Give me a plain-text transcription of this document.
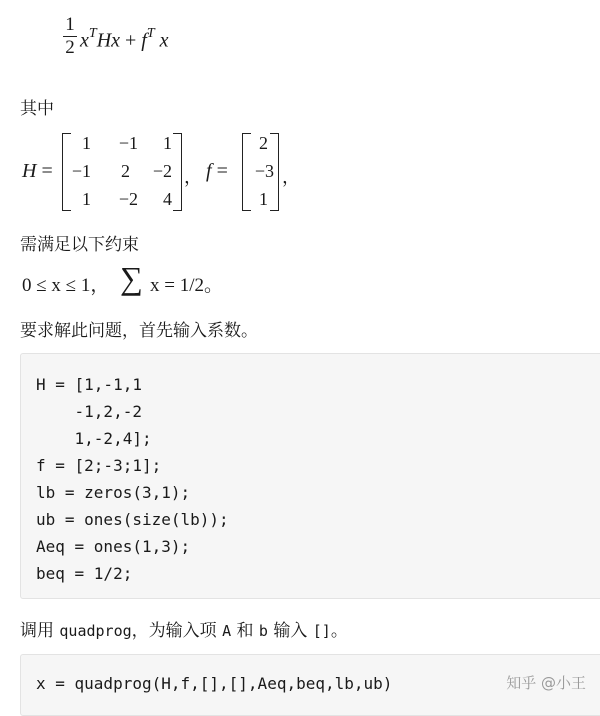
1
2 $x^THx + f^T$ x
其中
H =
1	−1	1
−1	2	−2
1	−2	4
， f =
2
−3
1
，
需满足以下约束
0 ≤ x ≤ 1， ∑ x = 1/2。
要求解此问题，首先输入系数。
H = [1,-1,1
-1,2,-2
1,-2,4];
f = [2;-3;1];
lb = zeros(3,1);
ub = ones(size(lb));
Aeq = ones(1,3);
beq = 1/2;
调用 quadprog，为输入项 A 和 b 输入 []。
x = quadprog(H,f,[],[],Aeq,beq,lb,ub)	知乎 @小王
